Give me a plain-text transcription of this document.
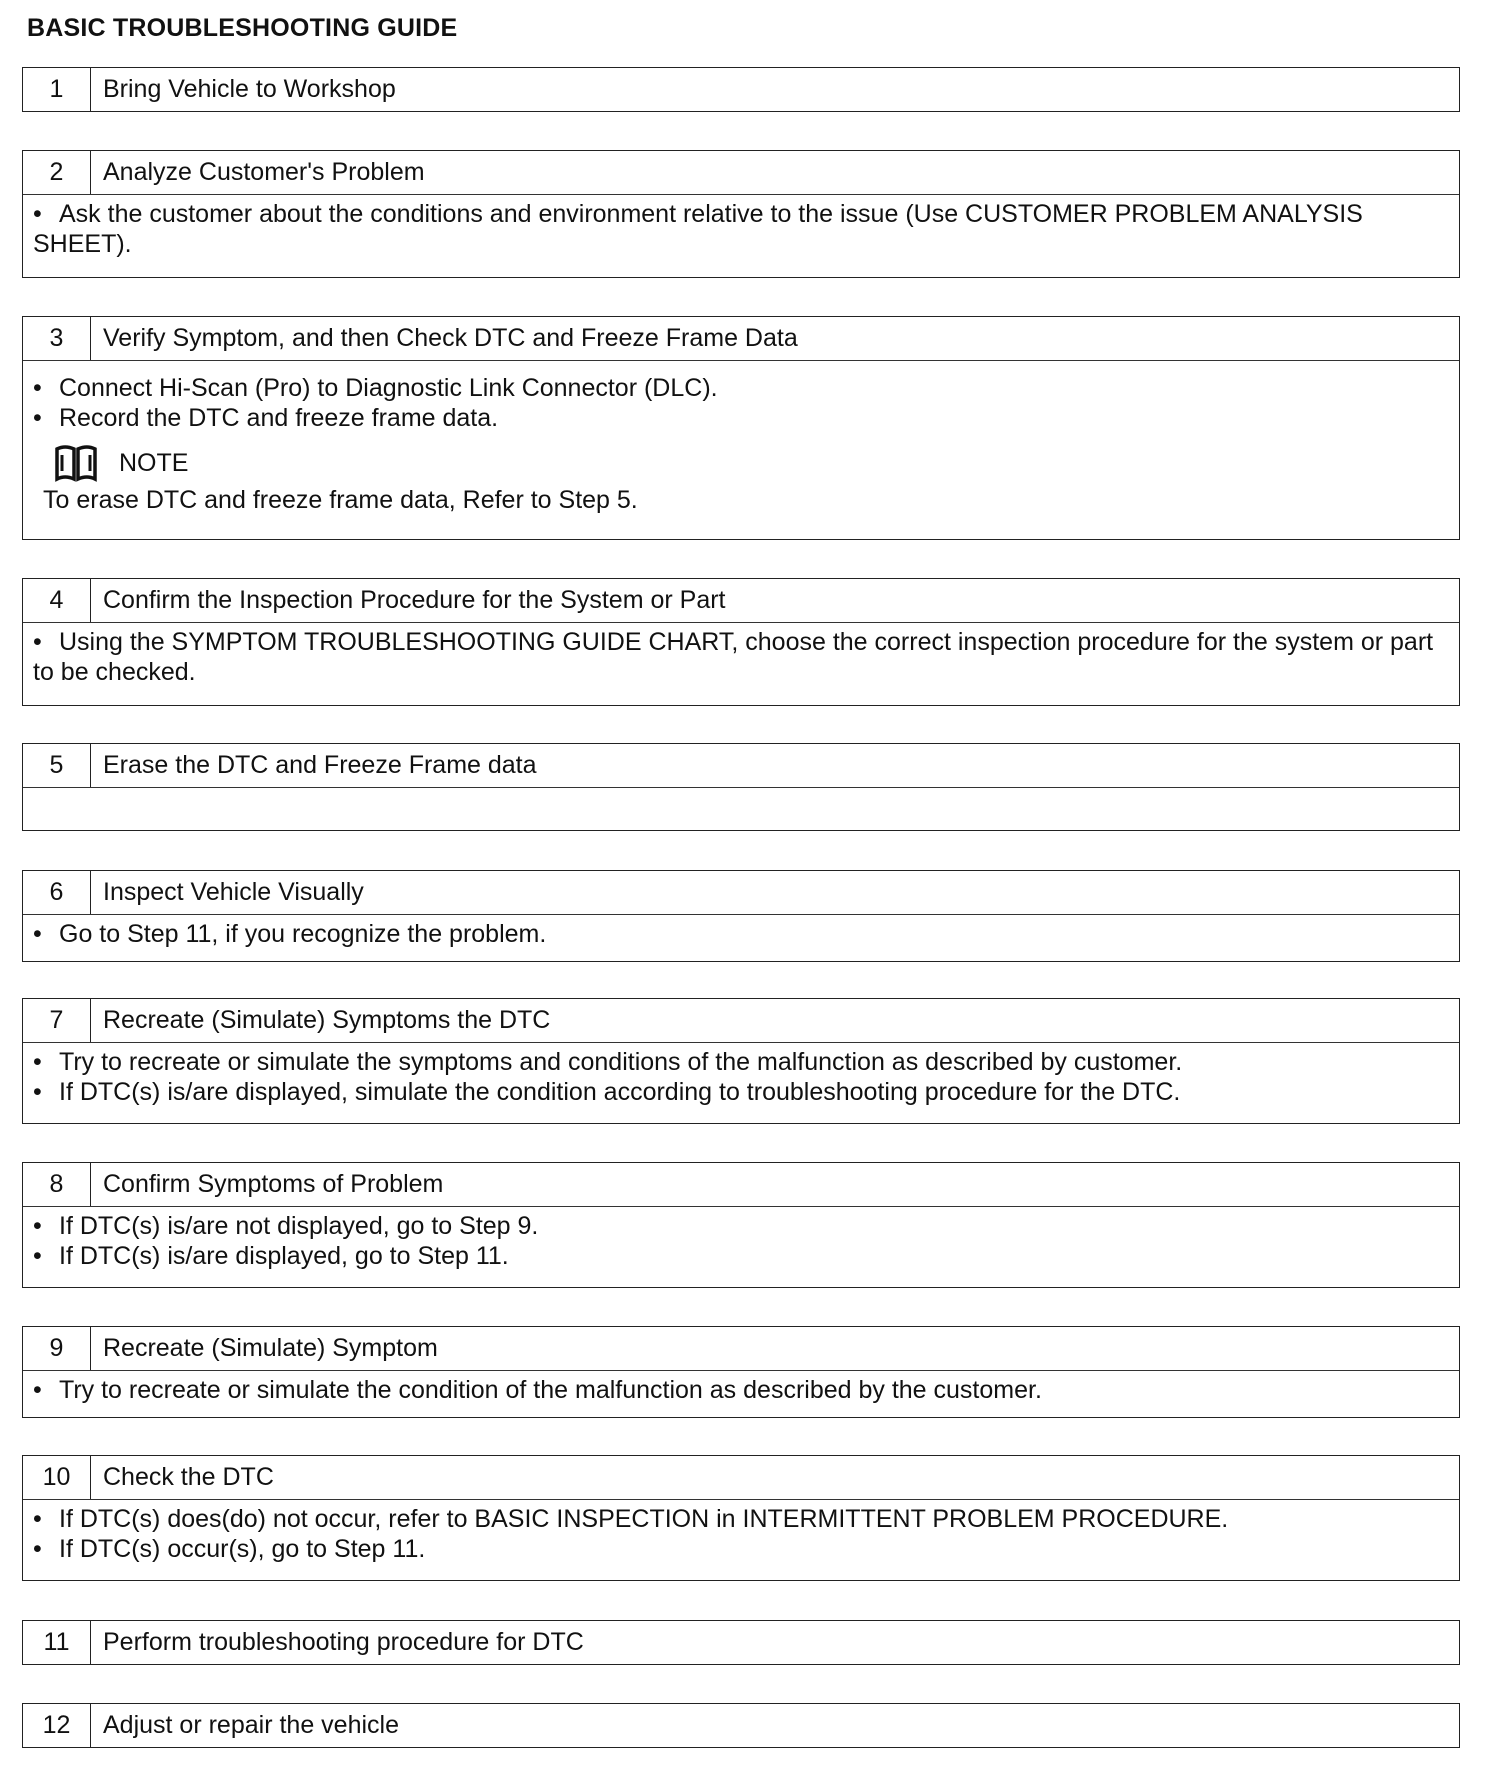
BASIC TROUBLESHOOTING GUIDE
1	Bring Vehicle to Workshop
2	Analyze Customer's Problem
• Ask the customer about the conditions and environment relative to the issue (Use CUSTOMER PROBLEM ANALYSIS SHEET).
3	Verify Symptom, and then Check DTC and Freeze Frame Data
• Connect Hi-Scan (Pro) to Diagnostic Link Connector (DLC).
• Record the DTC and freeze frame data.
NOTE
To erase DTC and freeze frame data, Refer to Step 5.
4	Confirm the Inspection Procedure for the System or Part
• Using the SYMPTOM TROUBLESHOOTING GUIDE CHART, choose the correct inspection procedure for the system or part to be checked.
5	Erase the DTC and Freeze Frame data
6	Inspect Vehicle Visually
• Go to Step 11, if you recognize the problem.
7	Recreate (Simulate) Symptoms the DTC
• Try to recreate or simulate the symptoms and conditions of the malfunction as described by customer.
• If DTC(s) is/are displayed, simulate the condition according to troubleshooting procedure for the DTC.
8	Confirm Symptoms of Problem
• If DTC(s) is/are not displayed, go to Step 9.
• If DTC(s) is/are displayed, go to Step 11.
9	Recreate (Simulate) Symptom
• Try to recreate or simulate the condition of the malfunction as described by the customer.
10	Check the DTC
• If DTC(s) does(do) not occur, refer to BASIC INSPECTION in INTERMITTENT PROBLEM PROCEDURE.
• If DTC(s) occur(s), go to Step 11.
11	Perform troubleshooting procedure for DTC
12	Adjust or repair the vehicle
